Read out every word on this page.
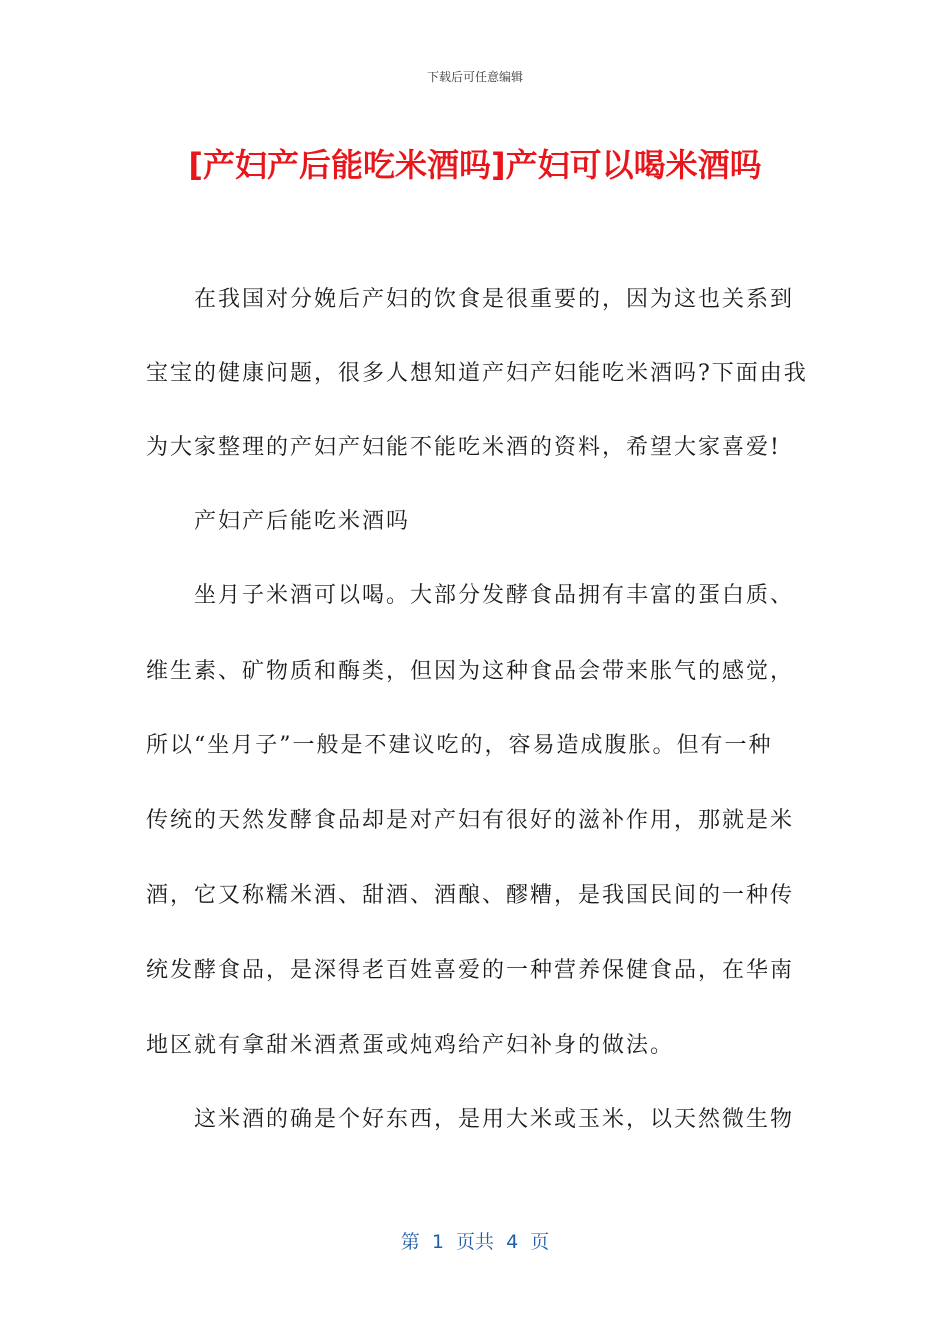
下载后可任意编辑
[产妇产后能吃米酒吗]产妇可以喝米酒吗
在我国对分娩后产妇的饮食是很重要的，因为这也关系到
宝宝的健康问题，很多人想知道产妇产妇能吃米酒吗?下面由我
为大家整理的产妇产妇能不能吃米酒的资料，希望大家喜爱!
产妇产后能吃米酒吗
坐月子米酒可以喝。大部分发酵食品拥有丰富的蛋白质、
维生素、矿物质和酶类，但因为这种食品会带来胀气的感觉，
所以“坐月子”一般是不建议吃的，容易造成腹胀。但有一种
传统的天然发酵食品却是对产妇有很好的滋补作用，那就是米
酒，它又称糯米酒、甜酒、酒酿、醪糟，是我国民间的一种传
统发酵食品，是深得老百姓喜爱的一种营养保健食品，在华南
地区就有拿甜米酒煮蛋或炖鸡给产妇补身的做法。
这米酒的确是个好东西，是用大米或玉米，以天然微生物
第  1  页共  4  页
